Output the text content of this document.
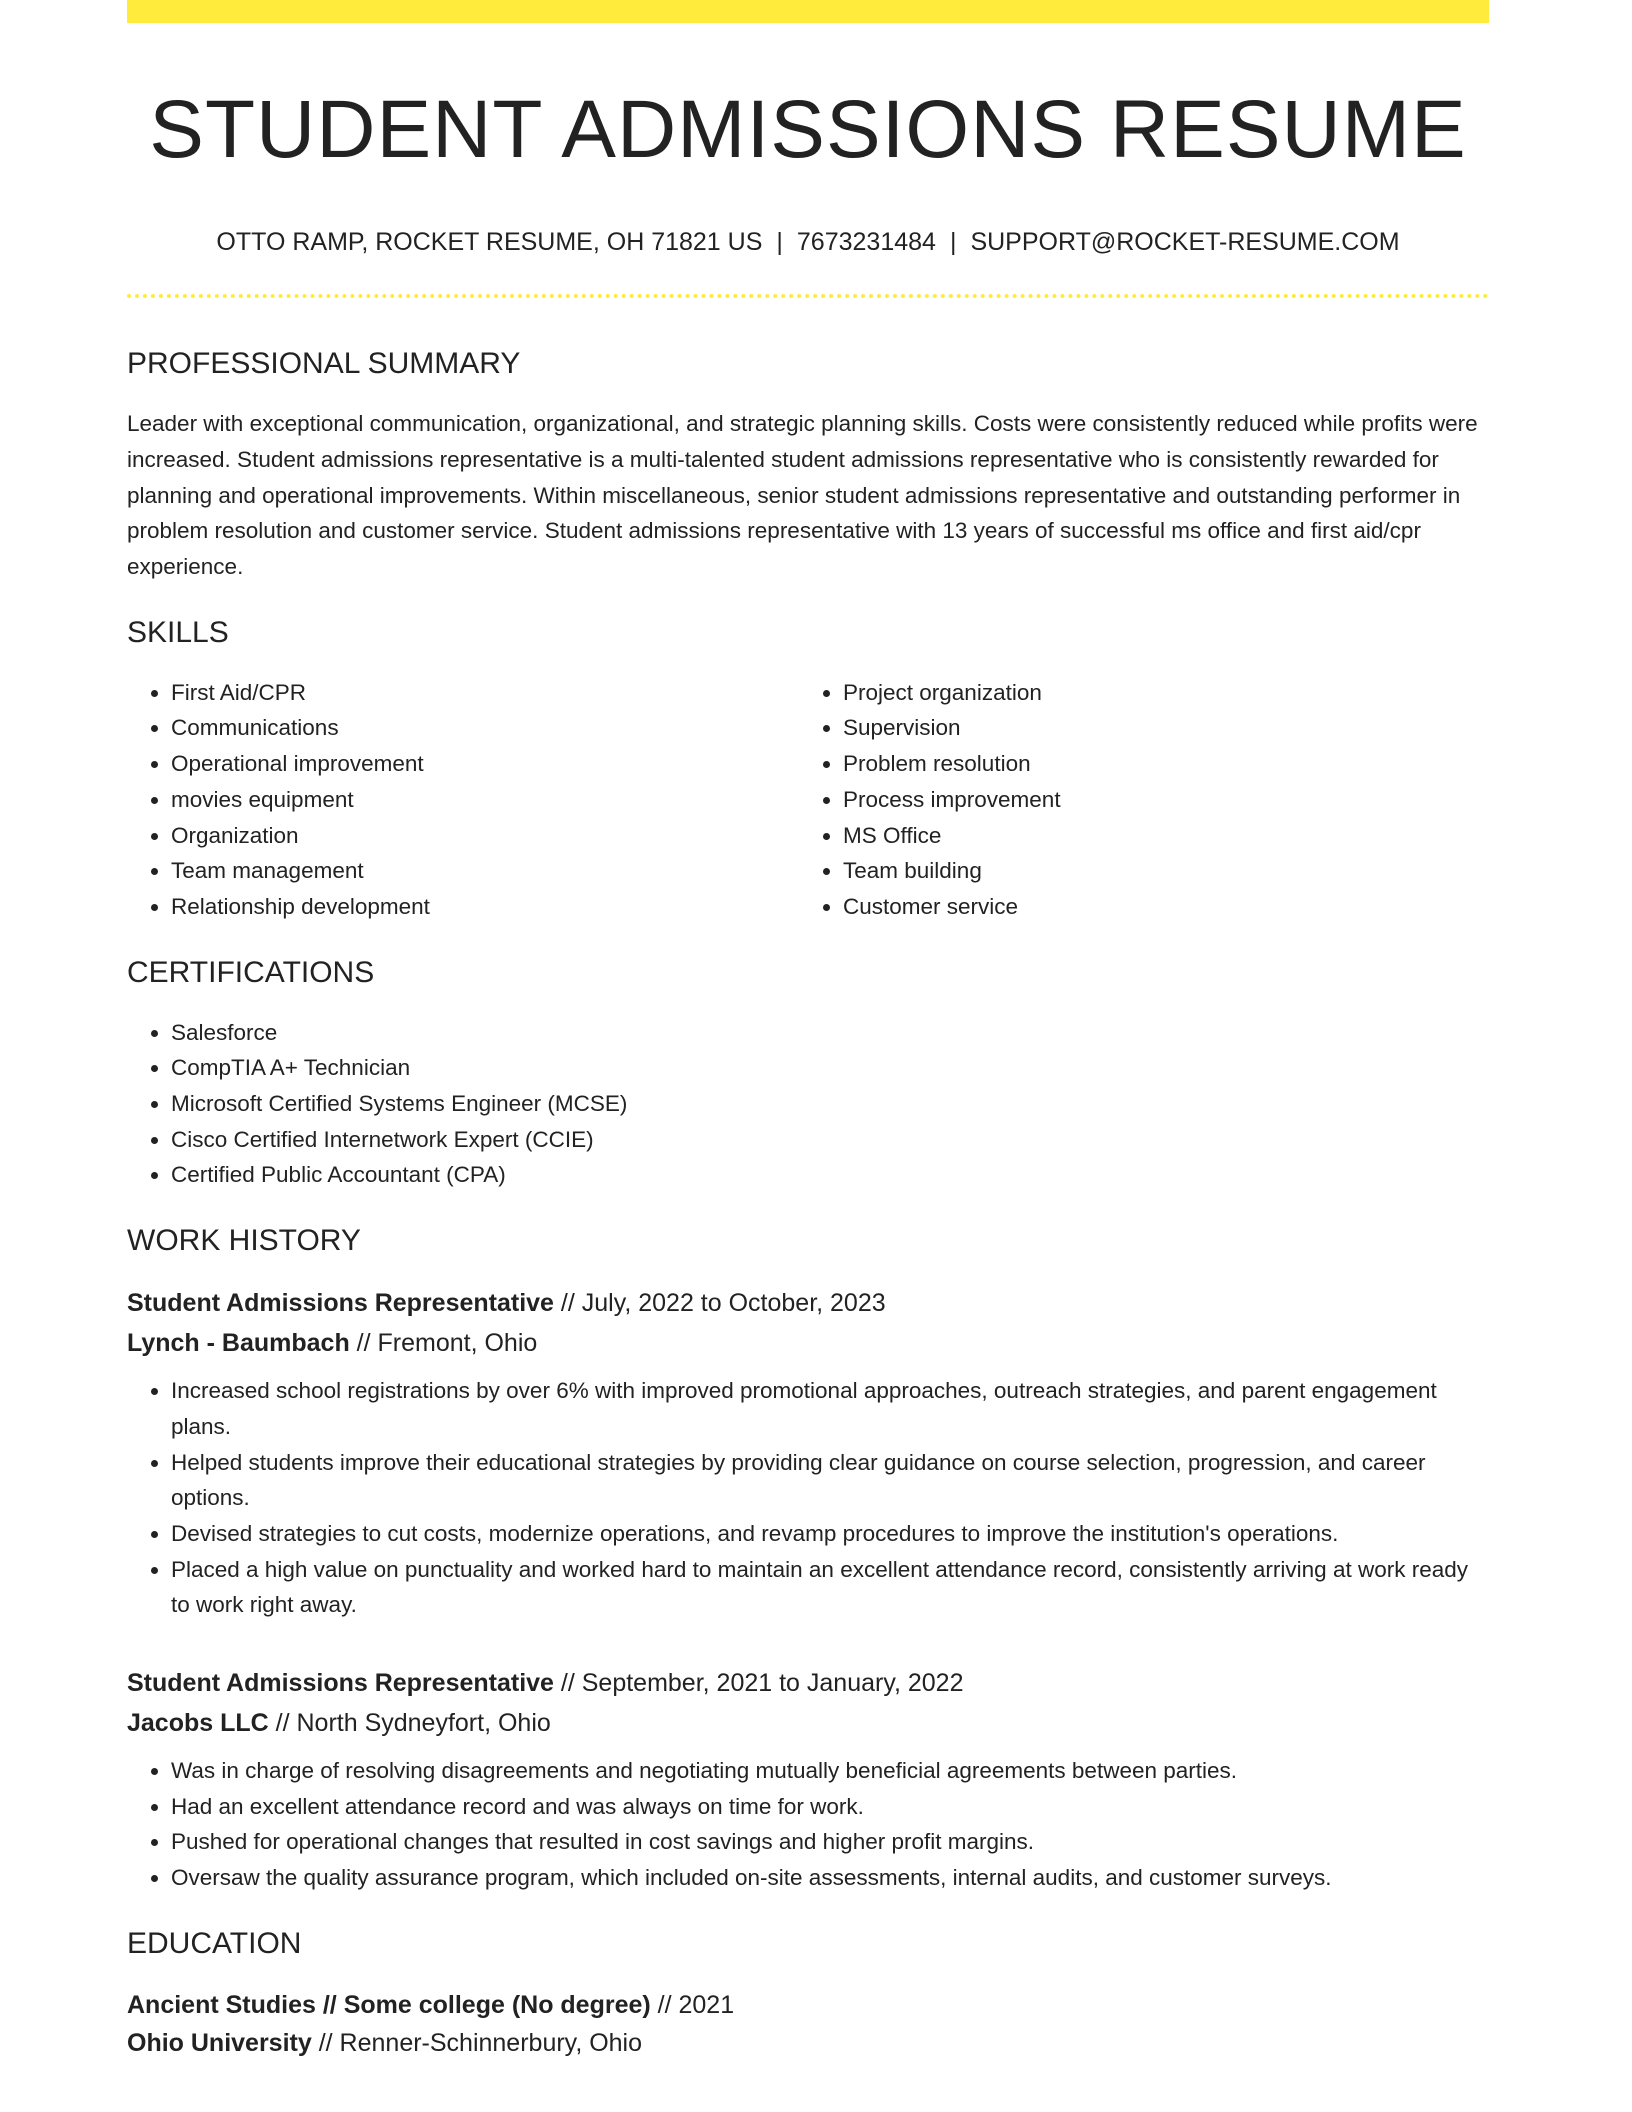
STUDENT ADMISSIONS RESUME
OTTO RAMP, ROCKET RESUME, OH 71821 US | 7673231484 | SUPPORT@ROCKET-RESUME.COM
PROFESSIONAL SUMMARY

Leader with exceptional communication, organizational, and strategic planning skills. Costs were consistently reduced while profits were increased. Student admissions representative is a multi-talented student admissions representative who is consistently rewarded for planning and operational improvements. Within miscellaneous, senior student admissions representative and outstanding performer in problem resolution and customer service. Student admissions representative with 13 years of successful ms office and first aid/cpr experience.

SKILLS
• First Aid/CPR
• Communications
• Operational improvement
• movies equipment
• Organization
• Team management
• Relationship development
• Project organization
• Supervision
• Problem resolution
• Process improvement
• MS Office
• Team building
• Customer service
CERTIFICATIONS
• Salesforce
• CompTIA A+ Technician
• Microsoft Certified Systems Engineer (MCSE)
• Cisco Certified Internetwork Expert (CCIE)
• Certified Public Accountant (CPA)
WORK HISTORY
Student Admissions Representative // July, 2022 to October, 2023
Lynch - Baumbach // Fremont, Ohio
• Increased school registrations by over 6% with improved promotional approaches, outreach strategies, and parent engagement plans.
• Helped students improve their educational strategies by providing clear guidance on course selection, progression, and career options.
• Devised strategies to cut costs, modernize operations, and revamp procedures to improve the institution's operations.
• Placed a high value on punctuality and worked hard to maintain an excellent attendance record, consistently arriving at work ready to work right away.
Student Admissions Representative // September, 2021 to January, 2022
Jacobs LLC // North Sydneyfort, Ohio
• Was in charge of resolving disagreements and negotiating mutually beneficial agreements between parties.
• Had an excellent attendance record and was always on time for work.
• Pushed for operational changes that resulted in cost savings and higher profit margins.
• Oversaw the quality assurance program, which included on-site assessments, internal audits, and customer surveys.
EDUCATION
Ancient Studies // Some college (No degree) // 2021
Ohio University // Renner-Schinnerbury, Ohio
